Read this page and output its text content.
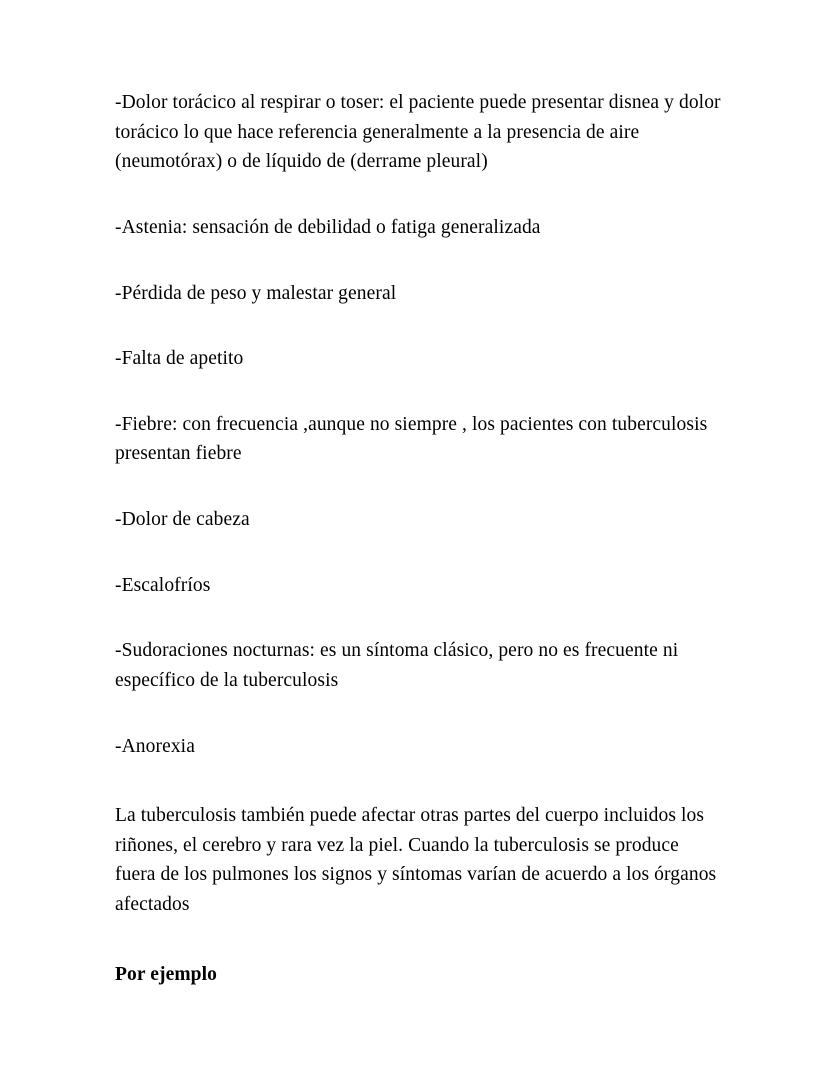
-Dolor torácico al respirar o toser: el paciente puede presentar disnea y dolor torácico lo que hace referencia generalmente a la presencia de aire (neumotórax) o de líquido de (derrame pleural)

-Astenia: sensación de debilidad o fatiga generalizada

-Pérdida de peso y malestar general

-Falta de apetito

-Fiebre: con frecuencia ,aunque no siempre , los pacientes con tuberculosis presentan fiebre

-Dolor de cabeza

-Escalofríos

-Sudoraciones nocturnas: es un síntoma clásico, pero no es frecuente ni específico de la tuberculosis

-Anorexia

La tuberculosis también puede afectar otras partes del cuerpo incluidos los riñones, el cerebro y rara vez la piel. Cuando la tuberculosis se produce fuera de los pulmones los signos y síntomas varían de acuerdo a los órganos afectados

Por ejemplo
